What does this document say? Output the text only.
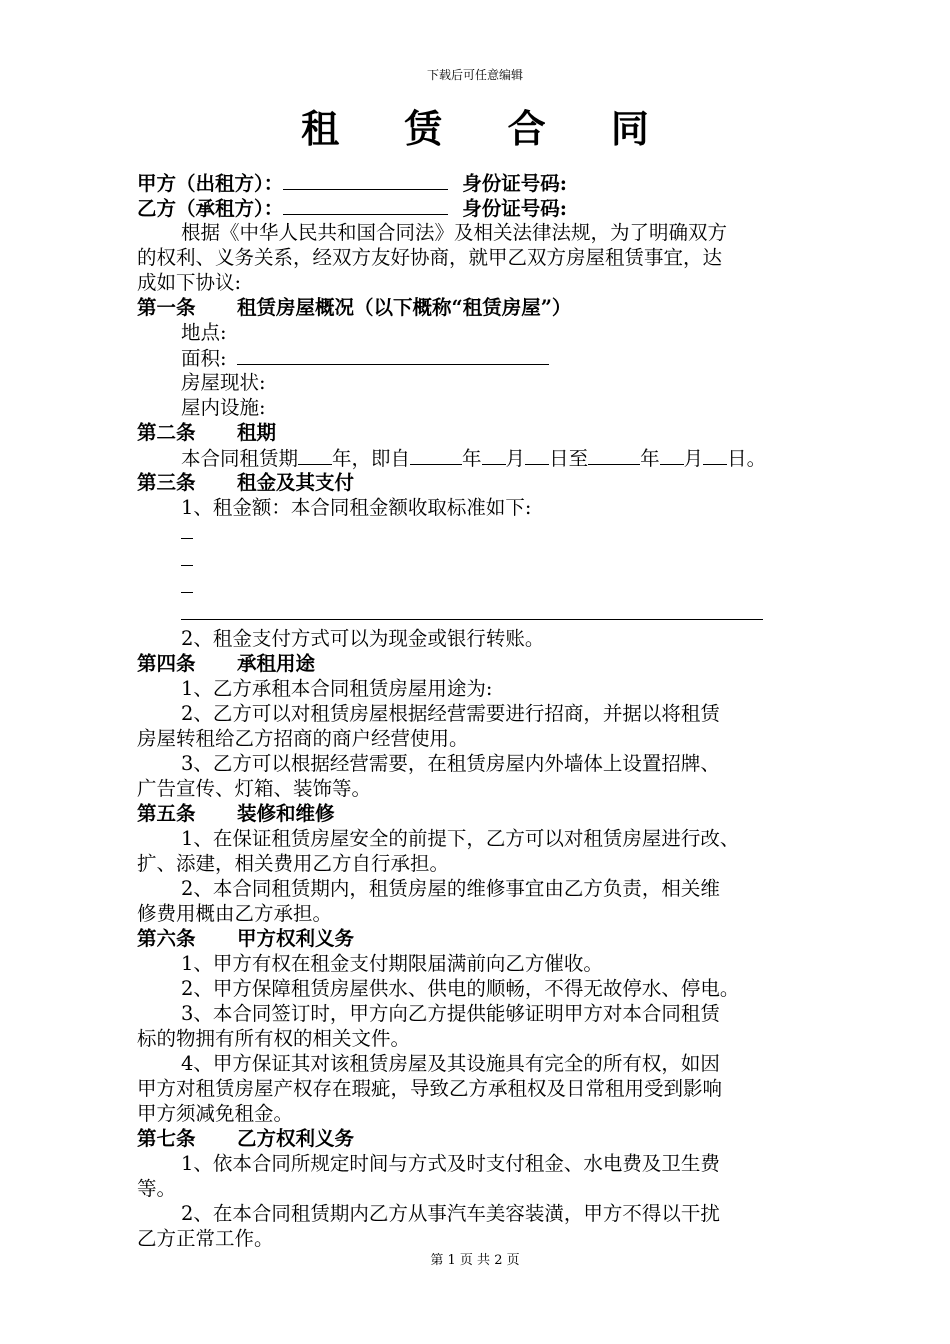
下载后可任意编辑
租 赁 合 同
甲方（出租方）：	身份证号码:
乙方（承租方）：	身份证号码:
根据《中华人民共和国合同法》及相关法律法规，为了明确双方
的权利、义务关系，经双方友好协商，就甲乙双方房屋租赁事宜，达
成如下协议:
第一条 租赁房屋概况（以下概称“租赁房屋”）
地点:
面积:
房屋现状:
屋内设施:
第二条 租期
本合同租赁期 年，即自	年 月 日至	年 月 日。
第三条 租金及其支付
1、租金额：本合同租金额收取标准如下:
2、租金支付方式可以为现金或银行转账。
第四条 承租用途
1、乙方承租本合同租赁房屋用途为:
2、乙方可以对租赁房屋根据经营需要进行招商，并据以将租赁
房屋转租给乙方招商的商户经营使用。
3、乙方可以根据经营需要，在租赁房屋内外墙体上设置招牌、
广告宣传、灯箱、装饰等。
第五条 装修和维修
1、在保证租赁房屋安全的前提下，乙方可以对租赁房屋进行改、
扩、添建，相关费用乙方自行承担。
2、本合同租赁期内，租赁房屋的维修事宜由乙方负责，相关维
修费用概由乙方承担。
第六条 甲方权利义务
1、甲方有权在租金支付期限届满前向乙方催收。
2、甲方保障租赁房屋供水、供电的顺畅，不得无故停水、停电。
3、本合同签订时，甲方向乙方提供能够证明甲方对本合同租赁
标的物拥有所有权的相关文件。
4、甲方保证其对该租赁房屋及其设施具有完全的所有权，如因
甲方对租赁房屋产权存在瑕疵，导致乙方承租权及日常租用受到影响
甲方须减免租金。
第七条 乙方权利义务
1、依本合同所规定时间与方式及时支付租金、水电费及卫生费
等。
2、在本合同租赁期内乙方从事汽车美容装潢，甲方不得以干扰
乙方正常工作。
第 1 页 共 2 页
